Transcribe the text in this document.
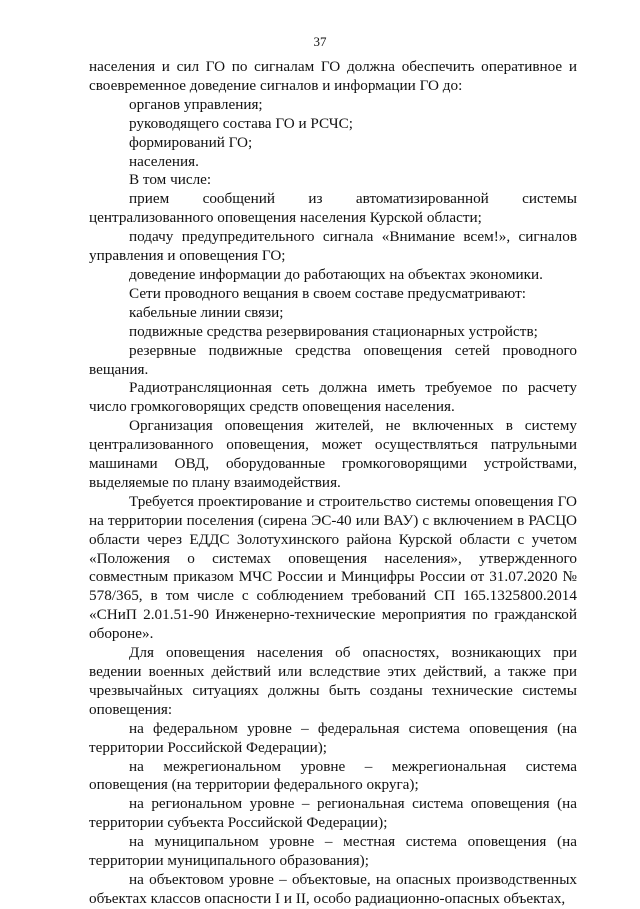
37

населения и сил ГО по сигналам ГО должна обеспечить оперативное и своевременное доведение сигналов и информации ГО до:

органов управления;

руководящего состава ГО и РСЧС;

формирований ГО;

населения.

В том числе:

прием сообщений из автоматизированной системы централизованного оповещения населения Курской области;

подачу предупредительного сигнала «Внимание всем!», сигналов управления и оповещения ГО;

доведение информации до работающих на объектах экономики.

Сети проводного вещания в своем составе предусматривают:

кабельные линии связи;

подвижные средства резервирования стационарных устройств;

резервные подвижные средства оповещения сетей проводного вещания.

Радиотрансляционная сеть должна иметь требуемое по расчету число громкоговорящих средств оповещения населения.

Организация оповещения жителей, не включенных в систему централизованного оповещения, может осуществляться патрульными машинами ОВД, оборудованные громкоговорящими устройствами, выделяемые по плану взаимодействия.

Требуется проектирование и строительство системы оповещения ГО на территории поселения (сирена ЭС-40 или ВАУ) с включением в РАСЦО области через ЕДДС Золотухинского района Курской области с учетом «Положения о системах оповещения населения», утвержденного совместным приказом МЧС России и Минцифры России от 31.07.2020 № 578/365, в том числе с соблюдением требований СП 165.1325800.2014 «СНиП 2.01.51-90 Инженерно-технические мероприятия по гражданской обороне».

Для оповещения населения об опасностях, возникающих при ведении военных действий или вследствие этих действий, а также при чрезвычайных ситуациях должны быть созданы технические системы оповещения:

на федеральном уровне – федеральная система оповещения (на территории Российской Федерации);

на межрегиональном уровне – межрегиональная система оповещения (на территории федерального округа);

на региональном уровне – региональная система оповещения (на территории субъекта Российской Федерации);

на муниципальном уровне – местная система оповещения (на территории муниципального образования);

на объектовом уровне – объектовые, на опасных производственных объектах классов опасности I и II, особо радиационно-опасных объектах,
